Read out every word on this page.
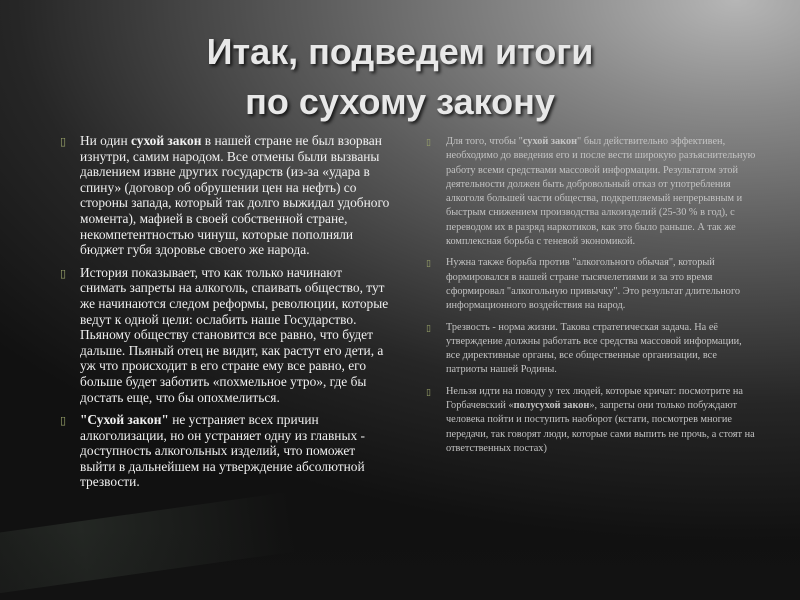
Итак, подведем итоги
по сухому закону
▯	Ни один сухой закон в нашей стране не был взорван изнутри, самим народом. Все отмены были вызваны давлением извне других государств (из-за «удара в спину» (договор об обрушении цен на нефть) со стороны запада, который так долго выжидал удобного момента), мафией в своей собственной стране, некомпетентностью чинуш, которые пополняли бюджет губя здоровье своего же народа.
▯	История показывает, что как только начинают снимать запреты на алкоголь, спаивать общество, тут же начинаются следом реформы, революции, которые ведут к одной цели: ослабить наше Государство. Пьяному обществу становится все равно, что будет дальше. Пьяный отец не видит, как растут его дети, а уж что происходит в его стране ему все равно, его больше будет заботить «похмельное утро», где бы достать еще, что бы опохмелиться.
▯	"Сухой закон" не устраняет всех причин алкоголизации, но он устраняет одну из главных - доступность алкогольных изделий, что поможет выйти в дальнейшем на утверждение абсолютной трезвости.
▯	Для того, чтобы "сухой закон" был действительно эффективен, необходимо до введения его и после вести широкую разъяснительную работу всеми средствами массовой информации. Результатом этой деятельности должен быть добровольный отказ от употребления алкоголя большей части общества, подкрепляемый непрерывным и быстрым снижением производства алкоизделий (25-30 % в год), с переводом их в разряд наркотиков, как это было раньше. А так же комплексная борьба с теневой экономикой.
▯	Нужна также борьба против "алкогольного обычая", который формировался в нашей стране тысячелетиями и за это время сформировал "алкогольную привычку". Это результат длительного информационного воздействия на народ.
▯	Трезвость - норма жизни. Такова стратегическая задача. На её утверждение должны работать все средства массовой информации, все директивные органы, все общественные организации, все патриоты нашей Родины.
▯	Нельзя идти на поводу у тех людей, которые кричат: посмотрите на Горбачевский «полусухой закон», запреты они только побуждают человека пойти и поступить наоборот (кстати, посмотрев многие передачи, так говорят люди, которые сами выпить не прочь, а стоят на ответственных постах)
